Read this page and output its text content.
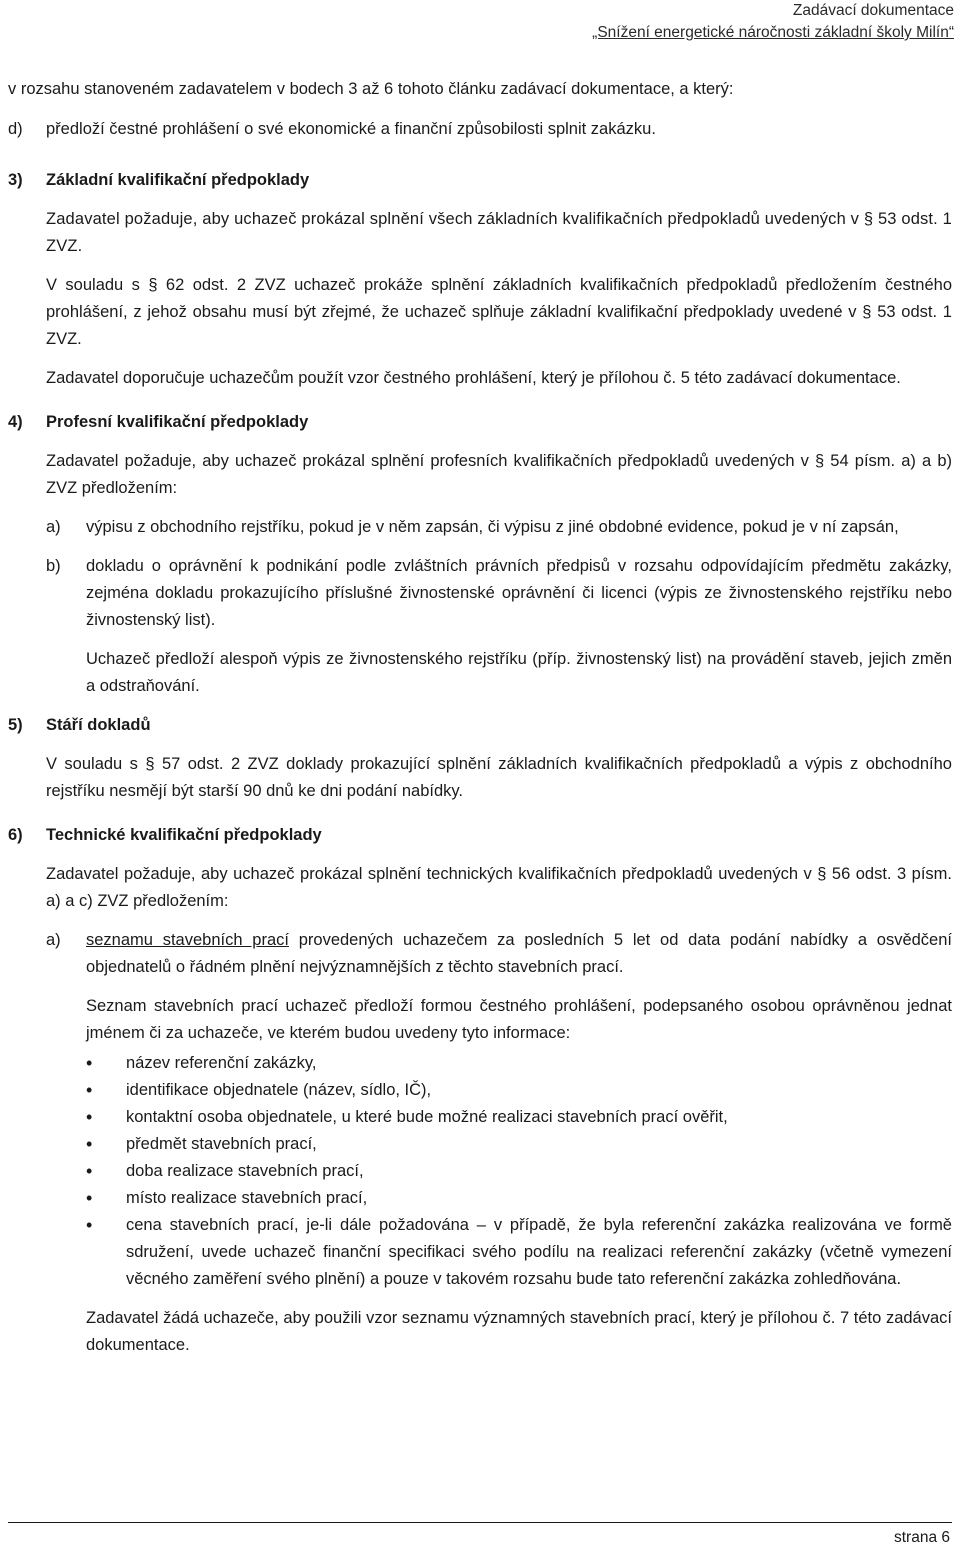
Zadávací dokumentace
„Snížení energetické náročnosti základní školy Milín“

v rozsahu stanoveném zadavatelem v bodech 3 až 6 tohoto článku zadávací dokumentace, a který:

d)	předloží čestné prohlášení o své ekonomické a finanční způsobilosti splnit zakázku.
3)	Základní kvalifikační předpoklady

Zadavatel požaduje, aby uchazeč prokázal splnění všech základních kvalifikačních předpokladů uvedených v § 53 odst. 1 ZVZ.

V souladu s § 62 odst. 2 ZVZ uchazeč prokáže splnění základních kvalifikačních předpokladů předložením čestného prohlášení, z jehož obsahu musí být zřejmé, že uchazeč splňuje základní kvalifikační předpoklady uvedené v § 53 odst. 1 ZVZ.

Zadavatel doporučuje uchazečům použít vzor čestného prohlášení, který je přílohou č. 5 této zadávací dokumentace.

4)	Profesní kvalifikační předpoklady

Zadavatel požaduje, aby uchazeč prokázal splnění profesních kvalifikačních předpokladů uvedených v § 54 písm. a) a b) ZVZ předložením:

a)	výpisu z obchodního rejstříku, pokud je v něm zapsán, či výpisu z jiné obdobné evidence, pokud je v ní zapsán,
b)	dokladu o oprávnění k podnikání podle zvláštních právních předpisů v rozsahu odpovídajícím předmětu zakázky, zejména dokladu prokazujícího příslušné živnostenské oprávnění či licenci (výpis ze živnostenského rejstříku nebo živnostenský list).

Uchazeč předloží alespoň výpis ze živnostenského rejstříku (příp. živnostenský list) na provádění staveb, jejich změn a odstraňování.

5)	Stáří dokladů

V souladu s § 57 odst. 2 ZVZ doklady prokazující splnění základních kvalifikačních předpokladů a výpis z obchodního rejstříku nesmějí být starší 90 dnů ke dni podání nabídky.

6)	Technické kvalifikační předpoklady

Zadavatel požaduje, aby uchazeč prokázal splnění technických kvalifikačních předpokladů uvedených v § 56 odst. 3 písm. a) a c) ZVZ předložením:

a)	seznamu stavebních prací provedených uchazečem za posledních 5 let od data podání nabídky a osvědčení objednatelů o řádném plnění nejvýznamnějších z těchto stavebních prací.

Seznam stavebních prací uchazeč předloží formou čestného prohlášení, podepsaného osobou oprávněnou jednat jménem či za uchazeče, ve kterém budou uvedeny tyto informace:

•	název referenční zakázky,
•	identifikace objednatele (název, sídlo, IČ),
•	kontaktní osoba objednatele, u které bude možné realizaci stavebních prací ověřit,
•	předmět stavebních prací,
•	doba realizace stavebních prací,
•	místo realizace stavebních prací,
•	cena stavebních prací, je-li dále požadována – v případě, že byla referenční zakázka realizována ve formě sdružení, uvede uchazeč finanční specifikaci svého podílu na realizaci referenční zakázky (včetně vymezení věcného zaměření svého plnění) a pouze v takovém rozsahu bude tato referenční zakázka zohledňována.

Zadavatel žádá uchazeče, aby použili vzor seznamu významných stavebních prací, který je přílohou č. 7 této zadávací dokumentace.

strana 6
